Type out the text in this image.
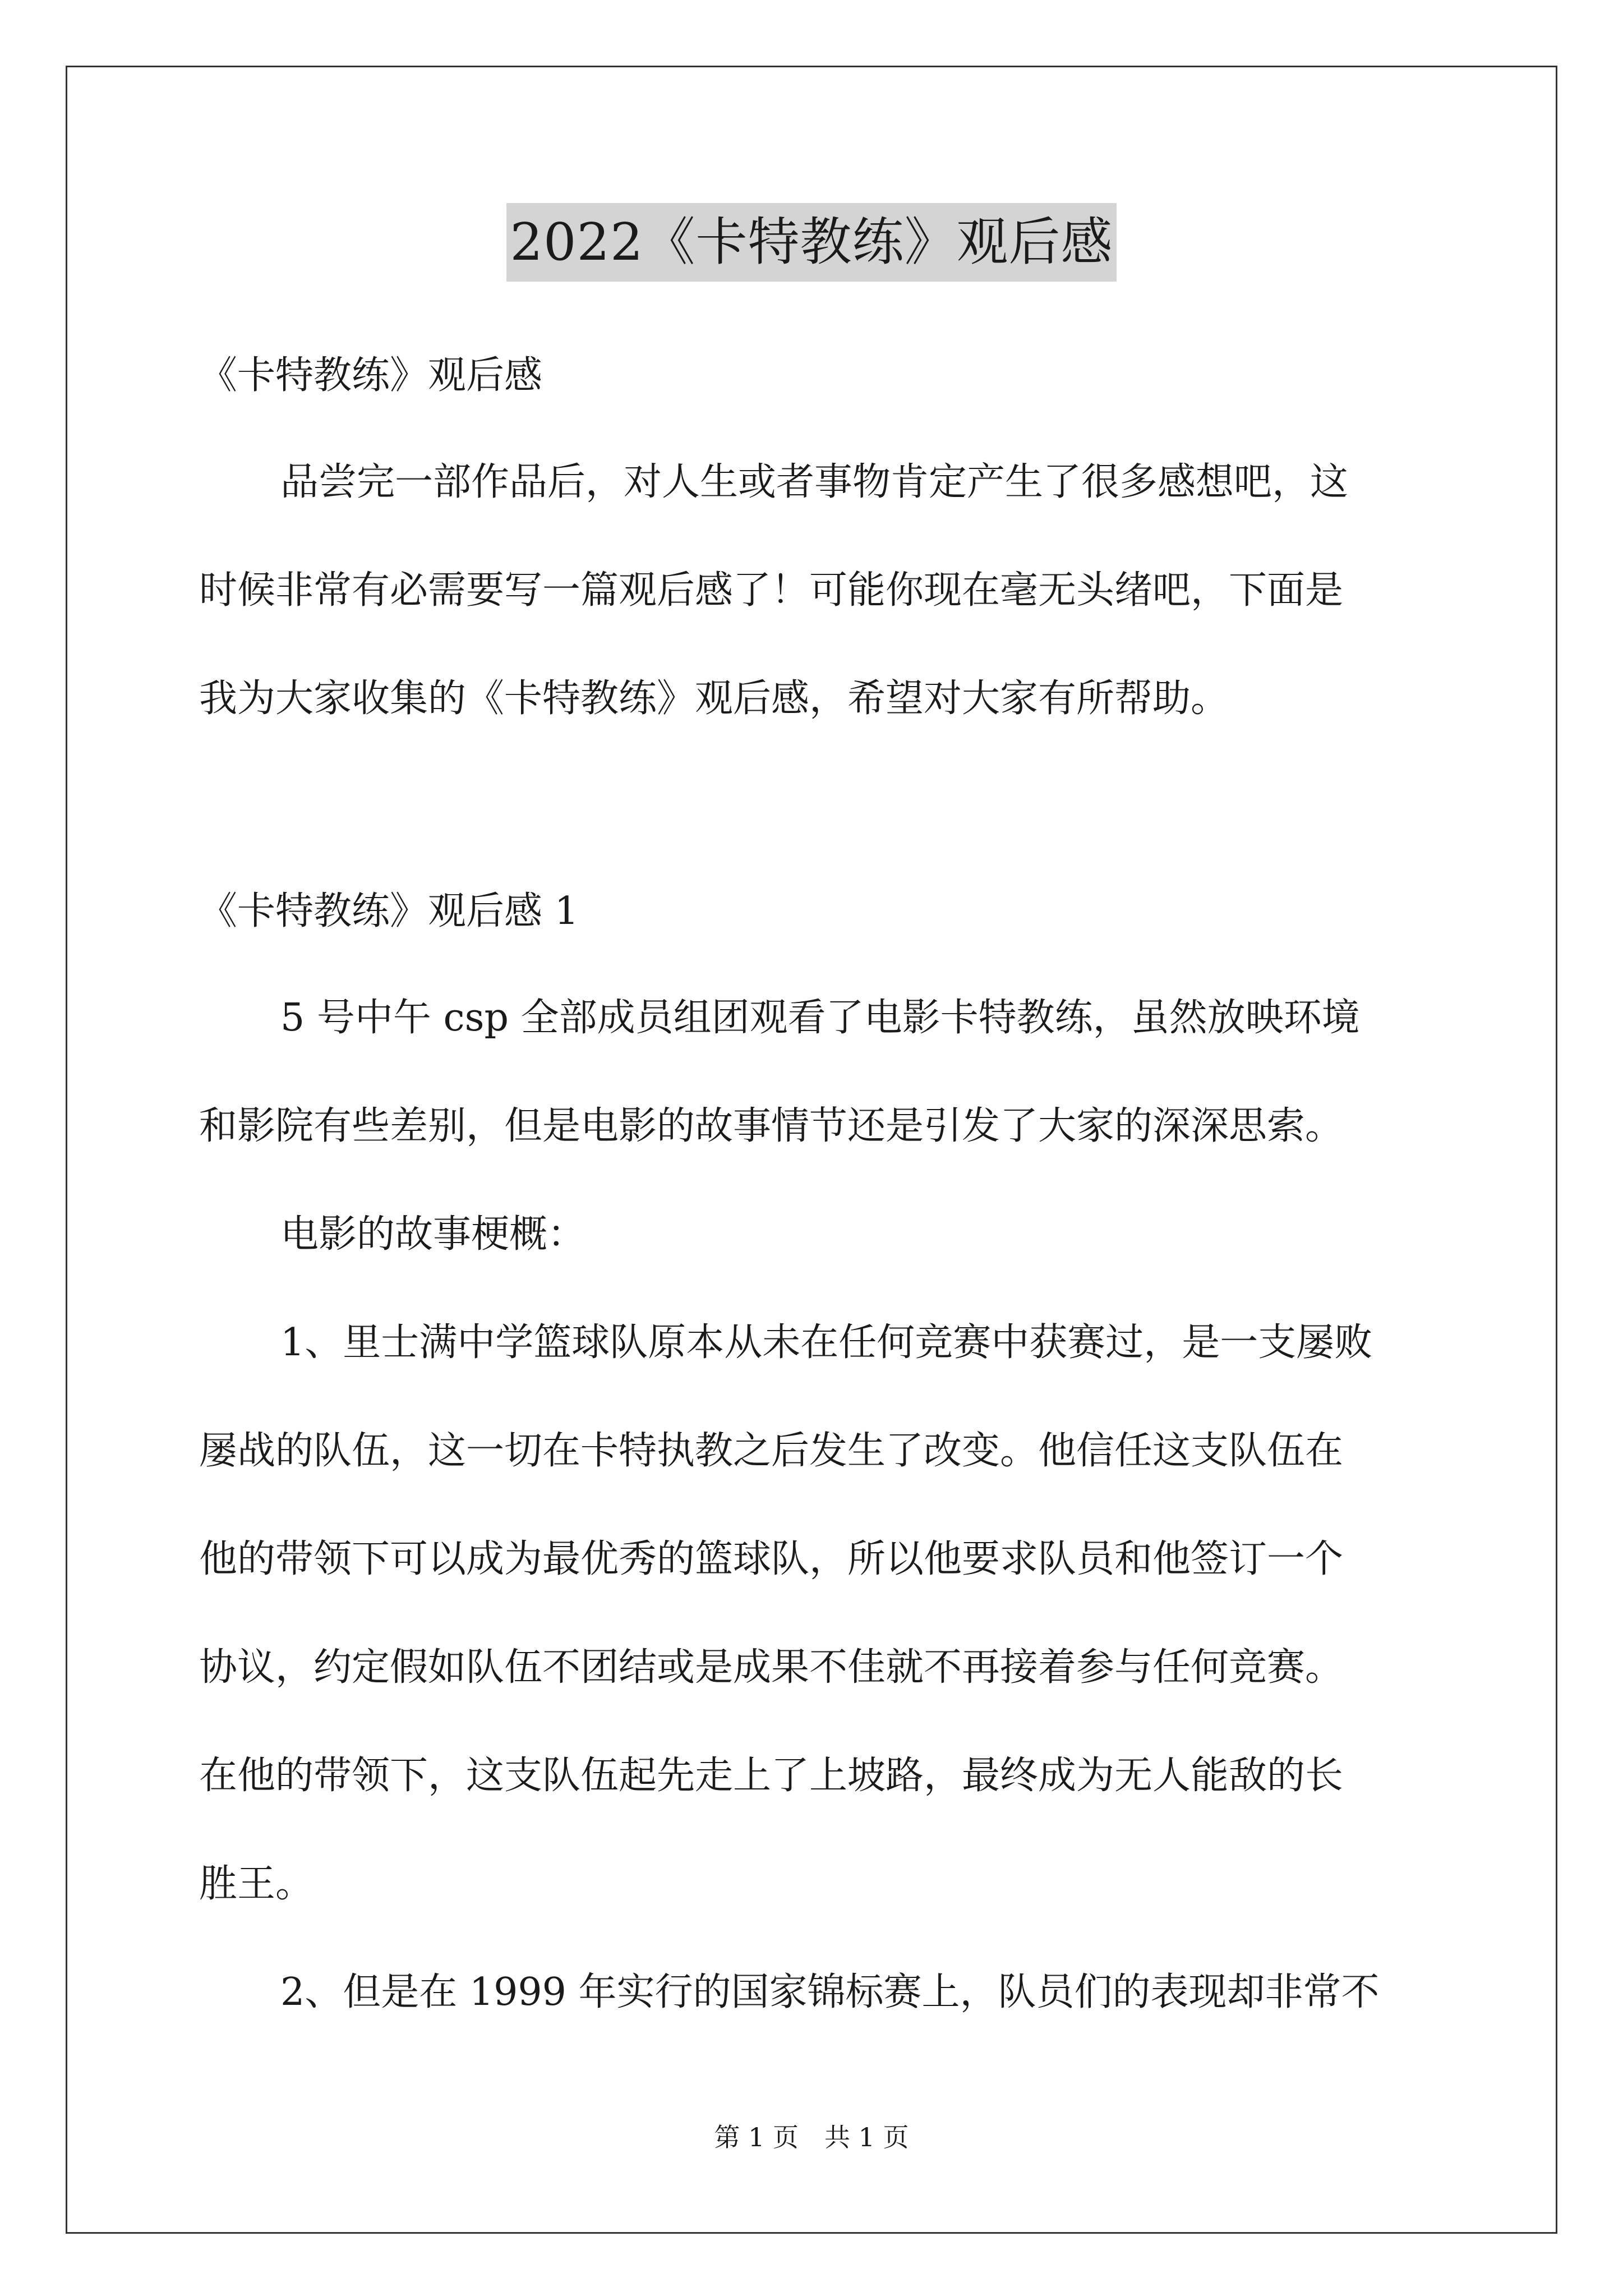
2022《卡特教练》观后感
《卡特教练》观后感
品尝完一部作品后，对人生或者事物肯定产生了很多感想吧，这
时候非常有必需要写一篇观后感了！可能你现在毫无头绪吧，下面是
我为大家收集的《卡特教练》观后感，希望对大家有所帮助。
《卡特教练》观后感 1
5 号中午 csp 全部成员组团观看了电影卡特教练，虽然放映环境
和影院有些差别，但是电影的故事情节还是引发了大家的深深思索。
电影的故事梗概：
1、里士满中学篮球队原本从未在任何竞赛中获赛过，是一支屡败
屡战的队伍，这一切在卡特执教之后发生了改变。他信任这支队伍在
他的带领下可以成为最优秀的篮球队，所以他要求队员和他签订一个
协议，约定假如队伍不团结或是成果不佳就不再接着参与任何竞赛。
在他的带领下，这支队伍起先走上了上坡路，最终成为无人能敌的长
胜王。
2、但是在 1999 年实行的国家锦标赛上，队员们的表现却非常不
第 1 页　共 1 页
